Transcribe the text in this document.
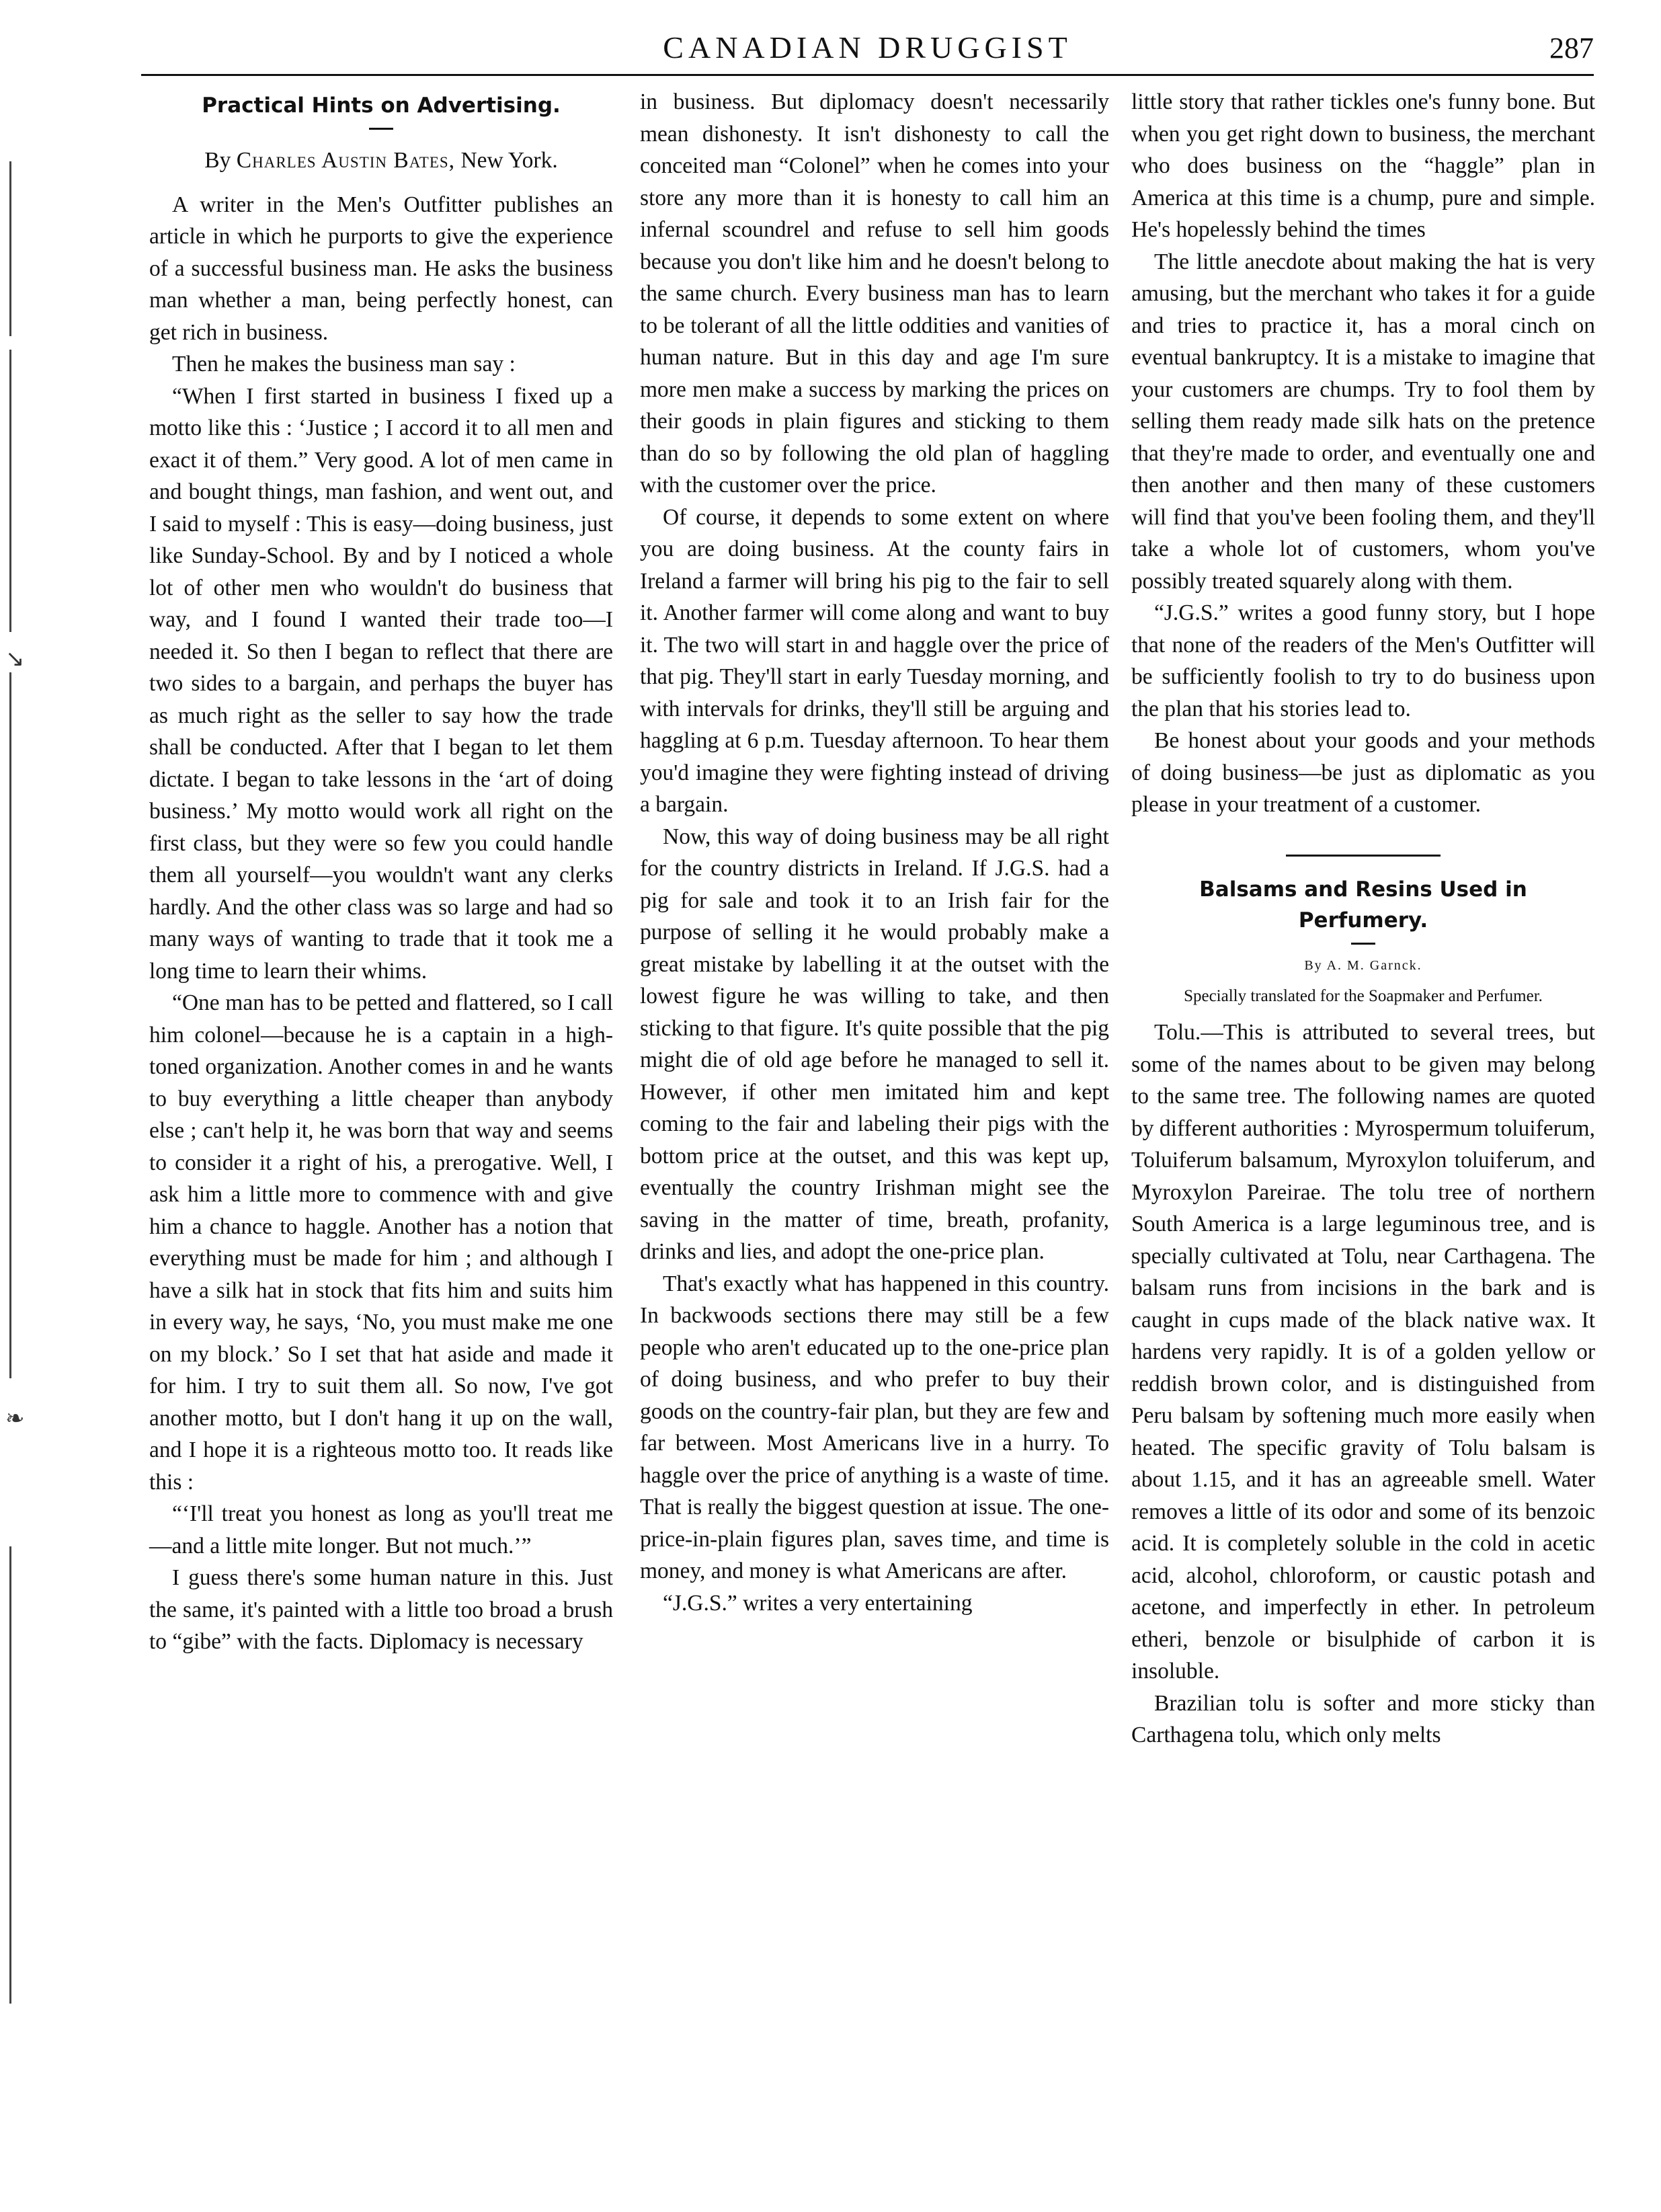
↘
❧
CANADIAN DRUGGIST	287
Practical Hints on Advertising.
By Charles Austin Bates, New York.

A writer in the Men's Outfitter publishes an article in which he purports to give the experience of a successful business man. He asks the business man whether a man, being perfectly honest, can get rich in business.

Then he makes the business man say :

“When I first started in business I fixed up a motto like this : ‘Justice ; I accord it to all men and exact it of them.” Very good. A lot of men came in and bought things, man fashion, and went out, and I said to myself : This is easy—doing business, just like Sunday-School. By and by I noticed a whole lot of other men who wouldn't do business that way, and I found I wanted their trade too—I needed it. So then I began to reflect that there are two sides to a bargain, and perhaps the buyer has as much right as the seller to say how the trade shall be conducted. After that I began to let them dictate. I began to take lessons in the ‘art of doing business.’ My motto would work all right on the first class, but they were so few you could handle them all yourself—you wouldn't want any clerks hardly. And the other class was so large and had so many ways of wanting to trade that it took me a long time to learn their whims.

“One man has to be petted and flattered, so I call him colonel—because he is a captain in a high-toned organization. Another comes in and he wants to buy everything a little cheaper than anybody else ; can't help it, he was born that way and seems to consider it a right of his, a prerogative. Well, I ask him a little more to commence with and give him a chance to haggle. Another has a notion that everything must be made for him ; and although I have a silk hat in stock that fits him and suits him in every way, he says, ‘No, you must make me one on my block.’ So I set that hat aside and made it for him. I try to suit them all. So now, I've got another motto, but I don't hang it up on the wall, and I hope it is a righteous motto too. It reads like this :

“‘I'll treat you honest as long as you'll treat me—and a little mite longer. But not much.’”

I guess there's some human nature in this. Just the same, it's painted with a little too broad a brush to “gibe” with the facts. Diplomacy is necessary

in business. But diplomacy doesn't necessarily mean dishonesty. It isn't dishonesty to call the conceited man “Colonel” when he comes into your store any more than it is honesty to call him an infernal scoundrel and refuse to sell him goods because you don't like him and he doesn't belong to the same church. Every business man has to learn to be tolerant of all the little oddities and vanities of human nature. But in this day and age I'm sure more men make a success by marking the prices on their goods in plain figures and sticking to them than do so by following the old plan of haggling with the customer over the price.

Of course, it depends to some extent on where you are doing business. At the county fairs in Ireland a farmer will bring his pig to the fair to sell it. Another farmer will come along and want to buy it. The two will start in and haggle over the price of that pig. They'll start in early Tuesday morning, and with intervals for drinks, they'll still be arguing and haggling at 6 p.m. Tuesday afternoon. To hear them you'd imagine they were fighting instead of driving a bargain.

Now, this way of doing business may be all right for the country districts in Ireland. If J.G.S. had a pig for sale and took it to an Irish fair for the purpose of selling it he would probably make a great mistake by labelling it at the outset with the lowest figure he was willing to take, and then sticking to that figure. It's quite possible that the pig might die of old age before he managed to sell it. However, if other men imitated him and kept coming to the fair and labeling their pigs with the bottom price at the outset, and this was kept up, eventually the country Irishman might see the saving in the matter of time, breath, profanity, drinks and lies, and adopt the one-price plan.

That's exactly what has happened in this country. In backwoods sections there may still be a few people who aren't educated up to the one-price plan of doing business, and who prefer to buy their goods on the country-fair plan, but they are few and far between. Most Americans live in a hurry. To haggle over the price of anything is a waste of time. That is really the biggest question at issue. The one-price-in-plain figures plan, saves time, and time is money, and money is what Americans are after.

“J.G.S.” writes a very entertaining

little story that rather tickles one's funny bone. But when you get right down to business, the merchant who does business on the “haggle” plan in America at this time is a chump, pure and simple. He's hopelessly behind the times

The little anecdote about making the hat is very amusing, but the merchant who takes it for a guide and tries to practice it, has a moral cinch on eventual bankruptcy. It is a mistake to imagine that your customers are chumps. Try to fool them by selling them ready made silk hats on the pretence that they're made to order, and eventually one and then another and then many of these customers will find that you've been fooling them, and they'll take a whole lot of customers, whom you've possibly treated squarely along with them.

“J.G.S.” writes a good funny story, but I hope that none of the readers of the Men's Outfitter will be sufficiently foolish to try to do business upon the plan that his stories lead to.

Be honest about your goods and your methods of doing business—be just as diplomatic as you please in your treatment of a customer.

Balsams and Resins Used in Perfumery.
By A. M. Garnck.
Specially translated for the Soapmaker and Perfumer.

Tolu.—This is attributed to several trees, but some of the names about to be given may belong to the same tree. The following names are quoted by different authorities : Myrospermum toluiferum, Toluiferum balsamum, Myroxylon toluiferum, and Myroxylon Pareirae. The tolu tree of northern South America is a large leguminous tree, and is specially cultivated at Tolu, near Carthagena. The balsam runs from incisions in the bark and is caught in cups made of the black native wax. It hardens very rapidly. It is of a golden yellow or reddish brown color, and is distinguished from Peru balsam by softening much more easily when heated. The specific gravity of Tolu balsam is about 1.15, and it has an agreeable smell. Water removes a little of its odor and some of its benzoic acid. It is completely soluble in the cold in acetic acid, alcohol, chloroform, or caustic potash and acetone, and imperfectly in ether. In petroleum etheri, benzole or bisulphide of carbon it is insoluble.

Brazilian tolu is softer and more sticky than Carthagena tolu, which only melts
